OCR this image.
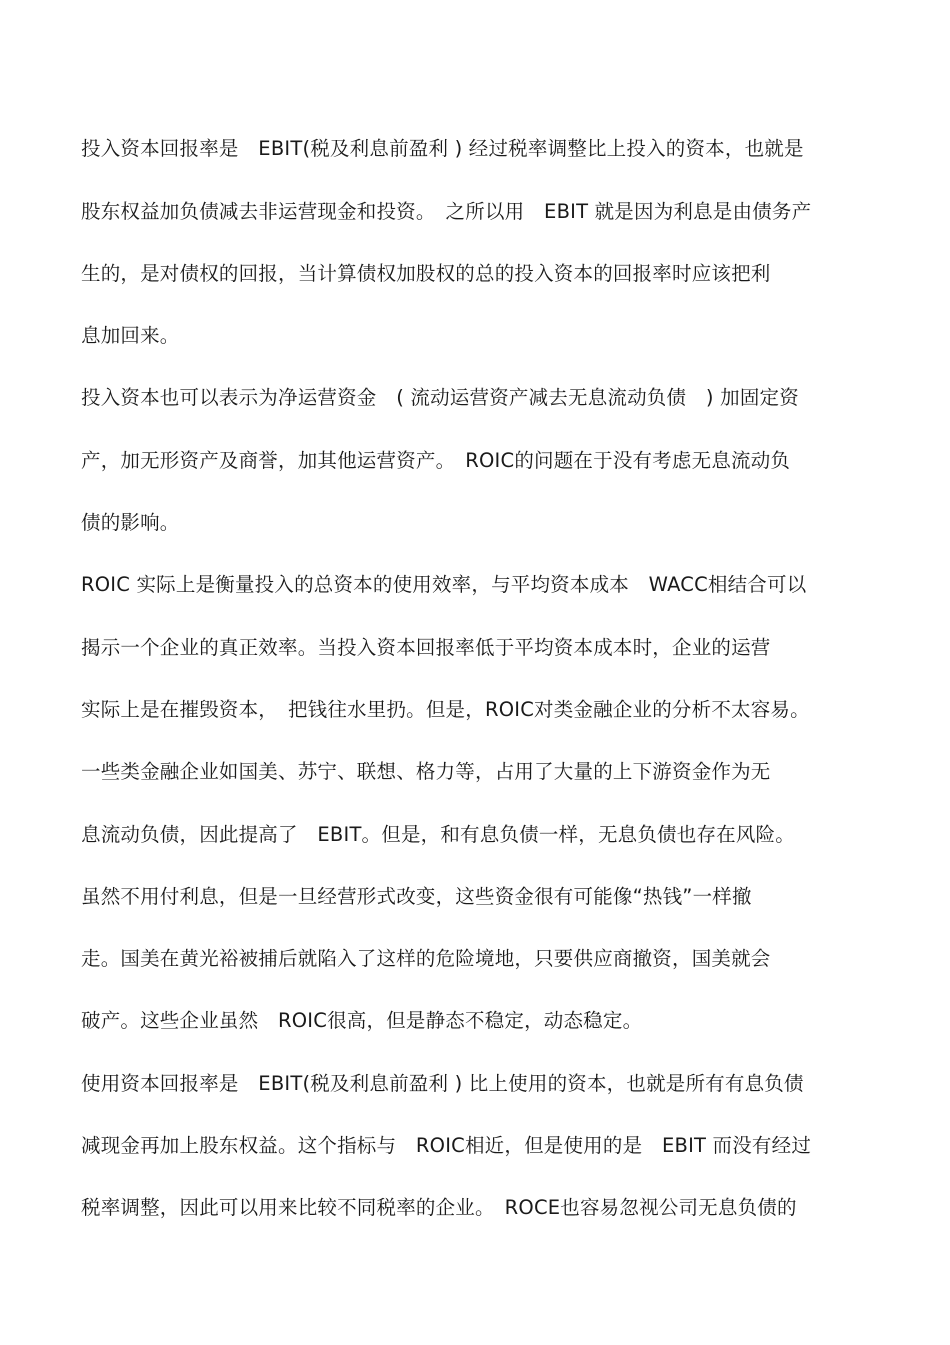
投入资本回报率是　EBIT(税及利息前盈利 ) 经过税率调整比上投入的资本，也就是
股东权益加负债减去非运营现金和投资。　之所以用　EBIT 就是因为利息是由债务产
生的，是对债权的回报，当计算债权加股权的总的投入资本的回报率时应该把利
息加回来。
投入资本也可以表示为净运营资金　( 流动运营资产减去无息流动负债　) 加固定资
产，加无形资产及商誉，加其他运营资产。　ROIC的问题在于没有考虑无息流动负
债的影响。
ROIC 实际上是衡量投入的总资本的使用效率，与平均资本成本　WACC相结合可以
揭示一个企业的真正效率。当投入资本回报率低于平均资本成本时，企业的运营
实际上是在摧毁资本，　把钱往水里扔。但是，ROIC对类金融企业的分析不太容易。
一些类金融企业如国美、苏宁、联想、格力等，占用了大量的上下游资金作为无
息流动负债，因此提高了　EBIT。但是，和有息负债一样，无息负债也存在风险。
虽然不用付利息，但是一旦经营形式改变，这些资金很有可能像“热钱”一样撤
走。国美在黄光裕被捕后就陷入了这样的危险境地，只要供应商撤资，国美就会
破产。这些企业虽然　ROIC很高，但是静态不稳定，动态稳定。
使用资本回报率是　EBIT(税及利息前盈利 ) 比上使用的资本，也就是所有有息负债
减现金再加上股东权益。这个指标与　ROIC相近，但是使用的是　EBIT 而没有经过
税率调整，因此可以用来比较不同税率的企业。　ROCE也容易忽视公司无息负债的
